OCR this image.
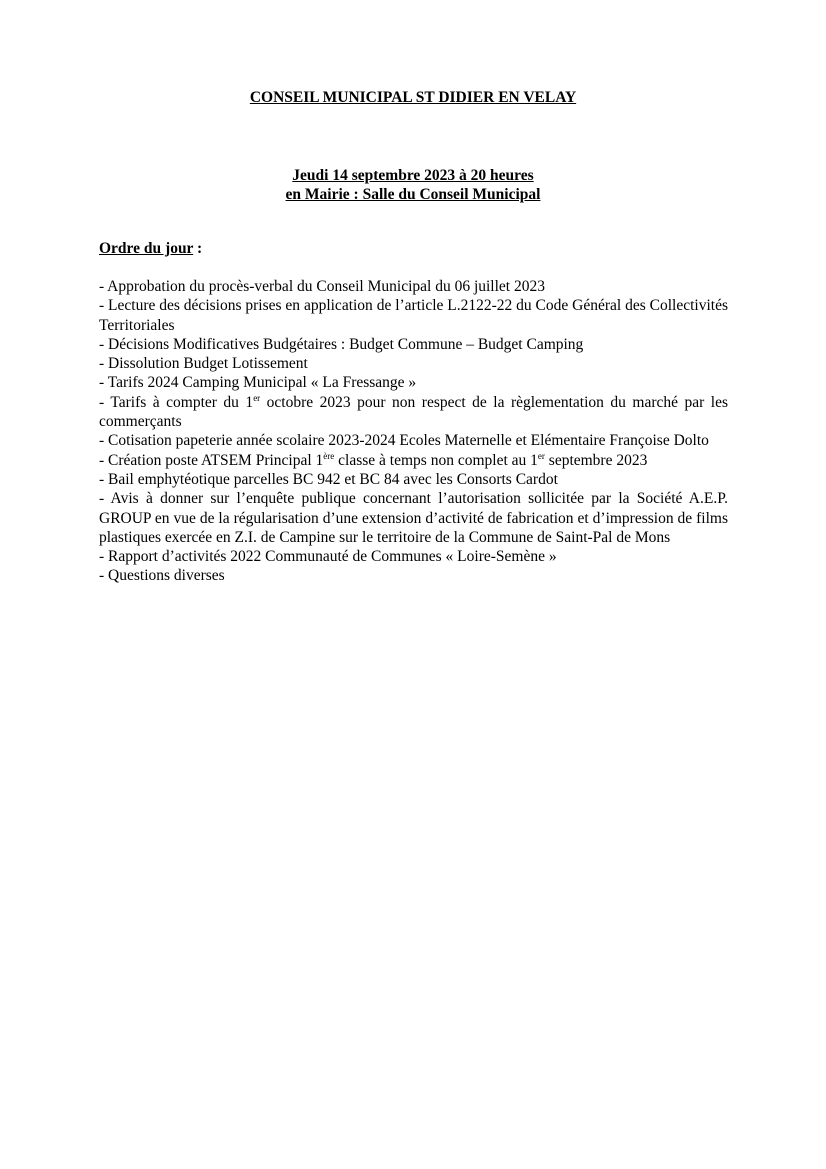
CONSEIL MUNICIPAL ST DIDIER EN VELAY
Jeudi 14 septembre 2023 à 20 heures
en Mairie : Salle du Conseil Municipal
Ordre du jour :
- Approbation du procès-verbal du Conseil Municipal du 06 juillet 2023
- Lecture des décisions prises en application de l’article L.2122-22 du Code Général des Collectivités Territoriales
- Décisions Modificatives Budgétaires : Budget Commune – Budget Camping
- Dissolution Budget Lotissement
- Tarifs 2024 Camping Municipal « La Fressange »
- Tarifs à compter du 1er octobre 2023 pour non respect de la règlementation du marché par les commerçants
- Cotisation papeterie année scolaire 2023-2024 Ecoles Maternelle et Elémentaire Françoise Dolto
- Création poste ATSEM Principal 1ère classe à temps non complet au 1er septembre 2023
- Bail emphytéotique parcelles BC 942 et BC 84 avec les Consorts Cardot
- Avis à donner sur l’enquête publique concernant l’autorisation sollicitée par la Société A.E.P. GROUP en vue de la régularisation d’une extension d’activité de fabrication et d’impression de films plastiques exercée en Z.I. de Campine sur le territoire de la Commune de Saint-Pal de Mons
- Rapport d’activités 2022 Communauté de Communes « Loire-Semène »
- Questions diverses
